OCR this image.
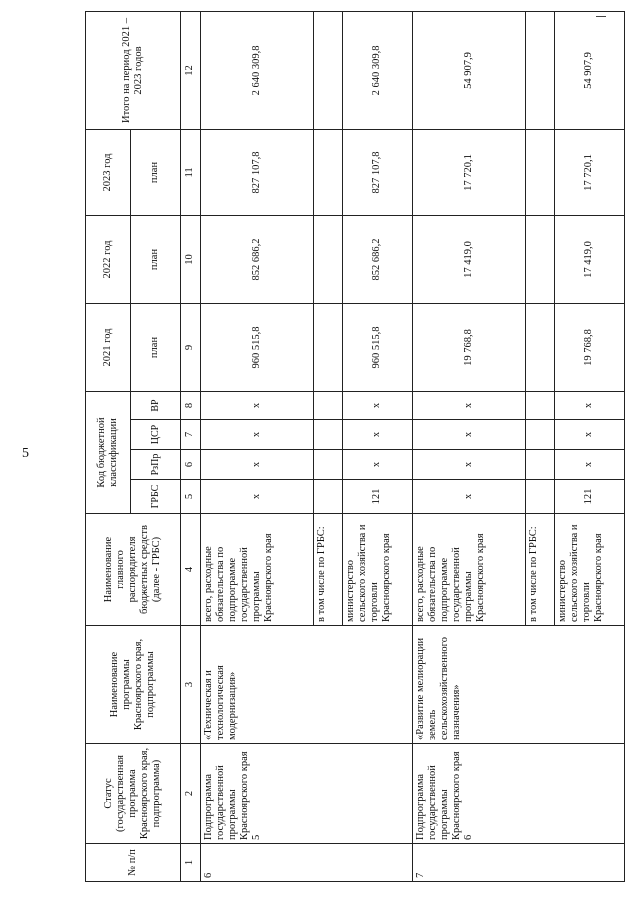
5
№ п/п	Статус (государственная программа Красноярского края, подпрограмма)	Наименование программы Красноярского края, подпрограммы	Наименование главного распорядителя бюджетных средств (далее - ГРБС)	Код бюджетной классификации				2021 год	2022 год	2023 год	Итого на период 2021 – 2023 годов
				ГРБС	РзПр	ЦСР	ВР	план	план	план	

1	2	3	4	5	6	7	8	9	10	11	12
6	Подпрограмма государственной программы Красноярского края 5	«Техническая и технологическая модернизация»	всего, расходные обязательства по подпрограмме государственной программы Красноярского края	х	х	х	х	960 515,8	852 686,2	827 107,8	2 640 309,8
			в том числе по ГРБС:								
			министерство сельского хозяйства и торговли Красноярского края	121	х	х	х	960 515,8	852 686,2	827 107,8	2 640 309,8
7	Подпрограмма государственной программы Красноярского края 6	«Развитие мелиорации земель сельскохозяйственного назначения»	всего, расходные обязательства по подпрограмме государственной программы Красноярского края	х	х	х	х	19 768,8	17 419,0	17 720,1	54 907,9
			в том числе по ГРБС:								
			министерство сельского хозяйства и торговли Красноярского края	121	х	х	х	19 768,8	17 419,0	17 720,1	54 907,9
